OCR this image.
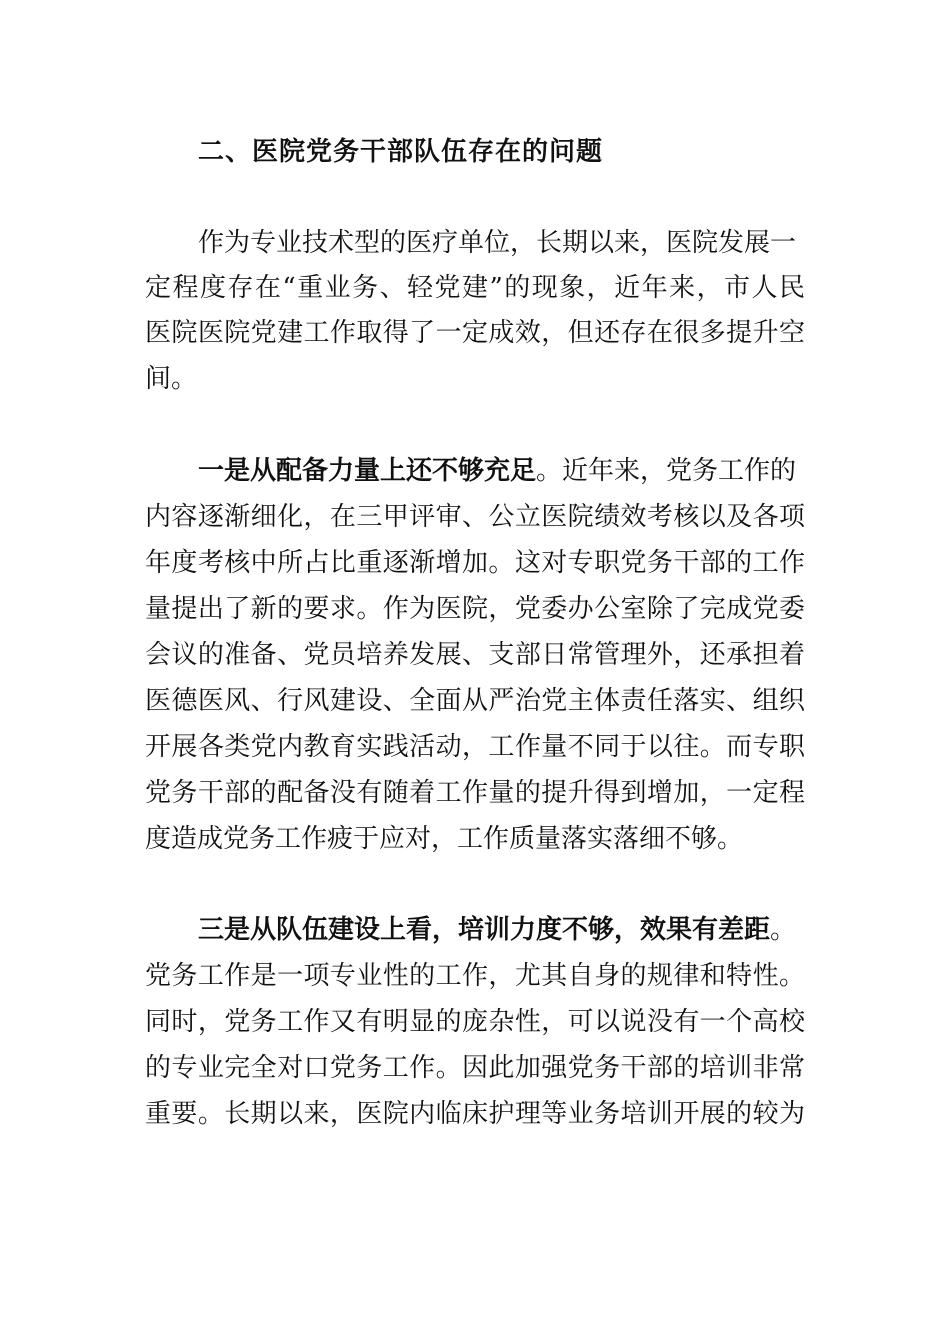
二、医院党务干部队伍存在的问题

作为专业技术型的医疗单位，长期以来，医院发展一

定程度存在“重业务、轻党建”的现象，近年来，市人民

医院医院党建工作取得了一定成效，但还存在很多提升空

间。

一是从配备力量上还不够充足。近年来，党务工作的

内容逐渐细化，在三甲评审、公立医院绩效考核以及各项

年度考核中所占比重逐渐增加。这对专职党务干部的工作

量提出了新的要求。作为医院，党委办公室除了完成党委

会议的准备、党员培养发展、支部日常管理外，还承担着

医德医风、行风建设、全面从严治党主体责任落实、组织

开展各类党内教育实践活动，工作量不同于以往。而专职

党务干部的配备没有随着工作量的提升得到增加，一定程

度造成党务工作疲于应对，工作质量落实落细不够。

三是从队伍建设上看，培训力度不够，效果有差距。

党务工作是一项专业性的工作，尤其自身的规律和特性。

同时，党务工作又有明显的庞杂性，可以说没有一个高校

的专业完全对口党务工作。因此加强党务干部的培训非常

重要。长期以来，医院内临床护理等业务培训开展的较为
